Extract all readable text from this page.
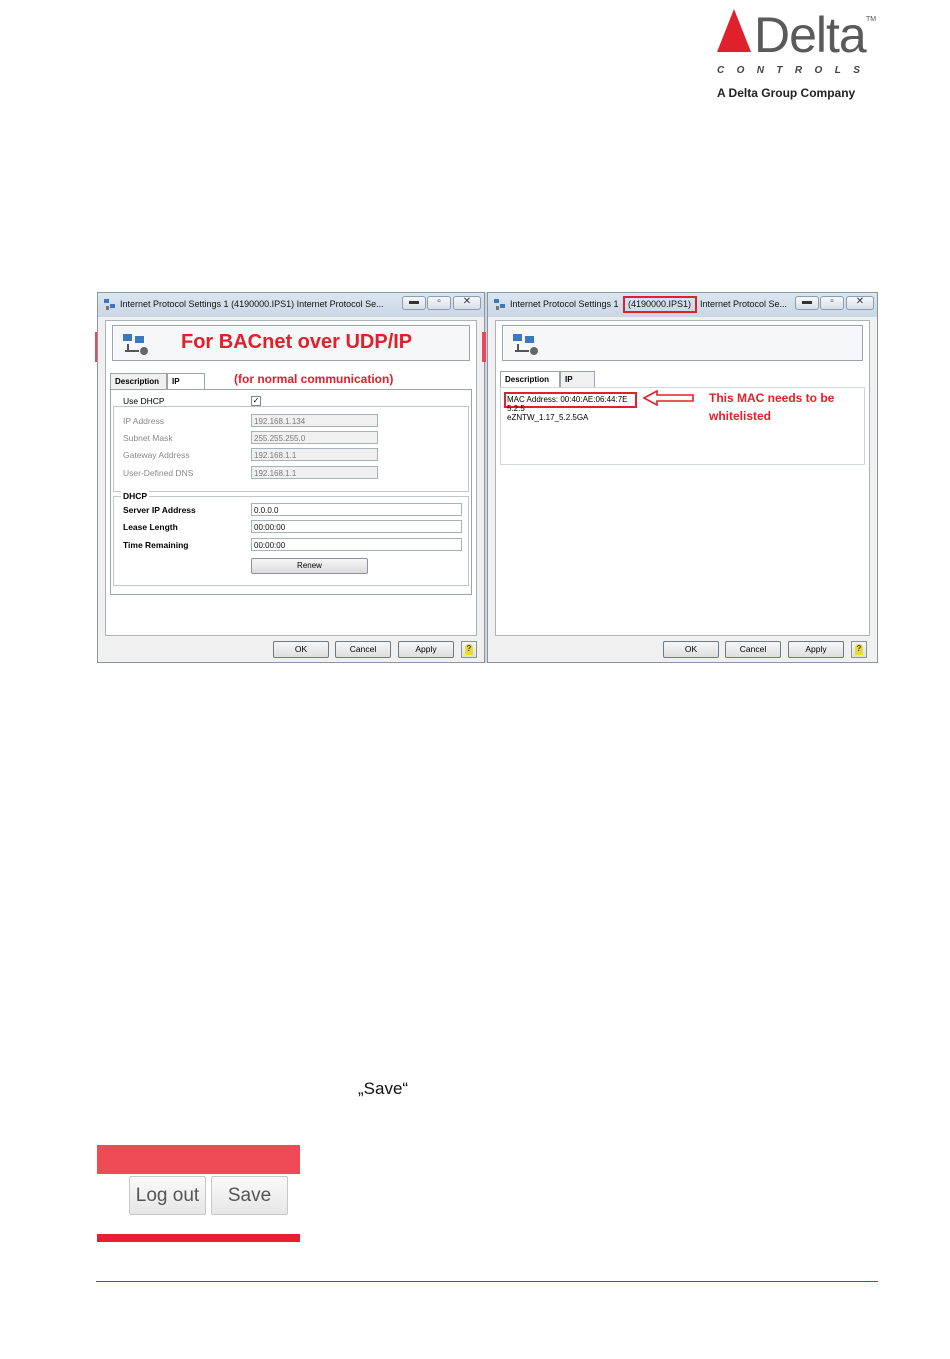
Delta TM
CONTROLS
A Delta Group Company
Internet Protocol Settings 1 (4190000.IPS1) Internet Protocol Se...	▬	▫	✕
For BACnet over UDP/IP
Description	IP	(for normal communication)
Use DHCP	✓
IP Address	192.168.1.134
Subnet Mask	255.255.255.0
Gateway Address	192.168.1.1
User-Defined DNS	192.168.1.1
DHCP
Server IP Address	0.0.0.0
Lease Length	00:00:00
Time Remaining	00:00:00
Renew
OK	Cancel	Apply	?
Internet Protocol Settings 1 (4190000.IPS1) Internet Protocol Se...	▬	▫	✕
Description	IP
MAC Address: 00:40:AE:06:44:7E
5.2.5
eZNTW_1.17_5.2.5GA
This MAC needs to be
whitelisted
OK	Cancel	Apply	?
„Save“
Log out	Save
